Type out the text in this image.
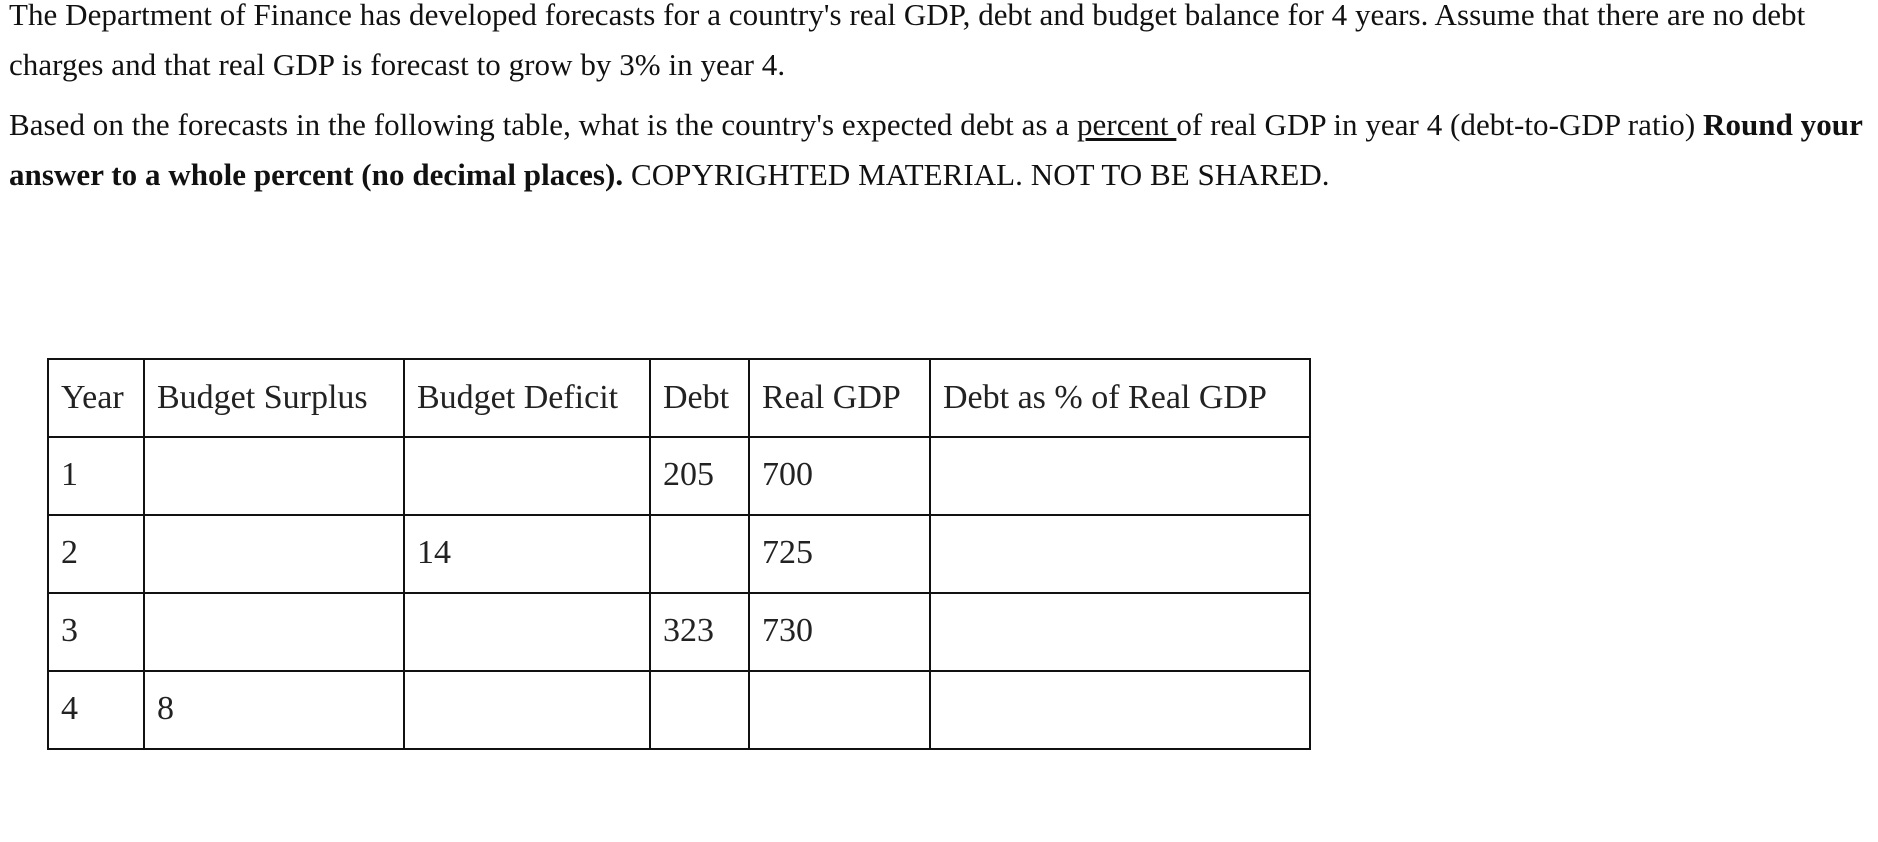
The Department of Finance has developed forecasts for a country's real GDP, debt and budget balance for 4 years. Assume that there are no debt charges and that real GDP is forecast to grow by 3% in year 4.

Based on the forecasts in the following table, what is the country's expected debt as a percent of real GDP in year 4 (debt-to-GDP ratio) Round your answer to a whole percent (no decimal places). COPYRIGHTED MATERIAL. NOT TO BE SHARED.

Year	Budget Surplus	Budget Deficit	Debt	Real GDP	Debt as % of Real GDP
1			205	700	
2		14		725	
3			323	730	
4	8				
